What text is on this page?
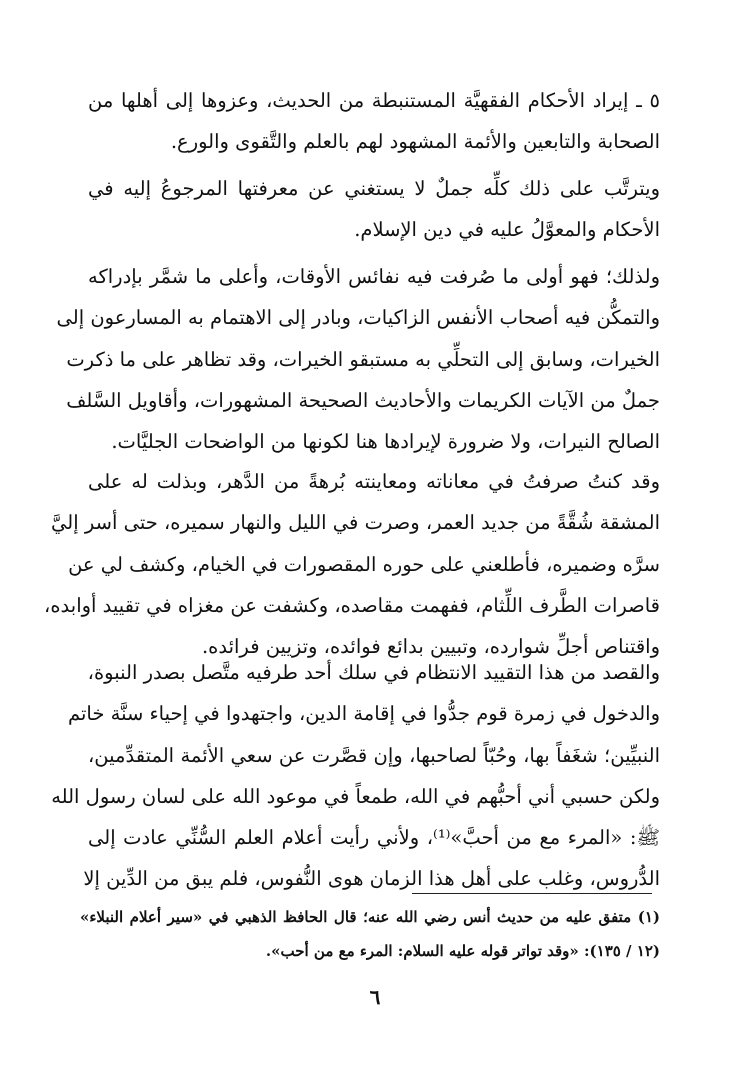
٥ ـ إيراد الأحكام الفقهيَّة المستنبطة من الحديث، وعزوها إلى أهلها من
الصحابة والتابعين والأئمة المشهود لهم بالعلم والتَّقوى والورع.
ويترتَّب على ذلك كلِّه جملٌ لا يستغني عن معرفتها المرجوعُ إليه في
الأحكام والمعوَّلُ عليه في دين الإسلام.
ولذلك؛ فهو أولى ما صُرفت فيه نفائس الأوقات، وأعلى ما شمَّر بإدراكه
والتمكُّن فيه أصحاب الأنفس الزاكيات، وبادر إلى الاهتمام به المسارعون إلى
الخيرات، وسابق إلى التحلِّي به مستبقو الخيرات، وقد تظاهر على ما ذكرت
جملٌ من الآيات الكريمات والأحاديث الصحيحة المشهورات، وأقاويل السَّلف
الصالح النيرات، ولا ضرورة لإيرادها هنا لكونها من الواضحات الجليَّات.
وقد كنتُ صرفتُ في معاناته ومعاينته بُرهةً من الدَّهر، وبذلت له على
المشقة شُقَّةً من جديد العمر، وصرت في الليل والنهار سميره، حتى أسر إليَّ
سرَّه وضميره، فأطلعني على حوره المقصورات في الخيام، وكشف لي عن
قاصرات الطَّرف اللِّثام، ففهمت مقاصده، وكشفت عن مغزاه في تقييد أوابده،
واقتناص أجلِّ شوارده، وتبيين بدائع فوائده، وتزيين فرائده.
والقصد من هذا التقييد الانتظام في سلك أحد طرفيه متَّصل بصدر النبوة،
والدخول في زمرة قوم جدُّوا في إقامة الدين، واجتهدوا في إحياء سنَّة خاتم
النبيِّين؛ شغَفاً بها، وحُبّاً لصاحبها، وإن قصَّرت عن سعي الأئمة المتقدِّمين،
ولكن حسبي أني أحبُّهم في الله، طمعاً في موعود الله على لسان رسول الله
ﷺ: «المرء مع من أحبَّ»⁽¹⁾، ولأني رأيت أعلام العلم السُّنِّي عادت إلى
الدُّروس، وغلب على أهل هذا الزمان هوى النُّفوس، فلم يبق من الدِّين إلا
(١) متفق عليه من حديث أنس رضي الله عنه؛ قال الحافظ الذهبي في «سير أعلام النبلاء»
(١٢ / ١٣٥): «وقد تواتر قوله عليه السلام: المرء مع من أحب».
٦
